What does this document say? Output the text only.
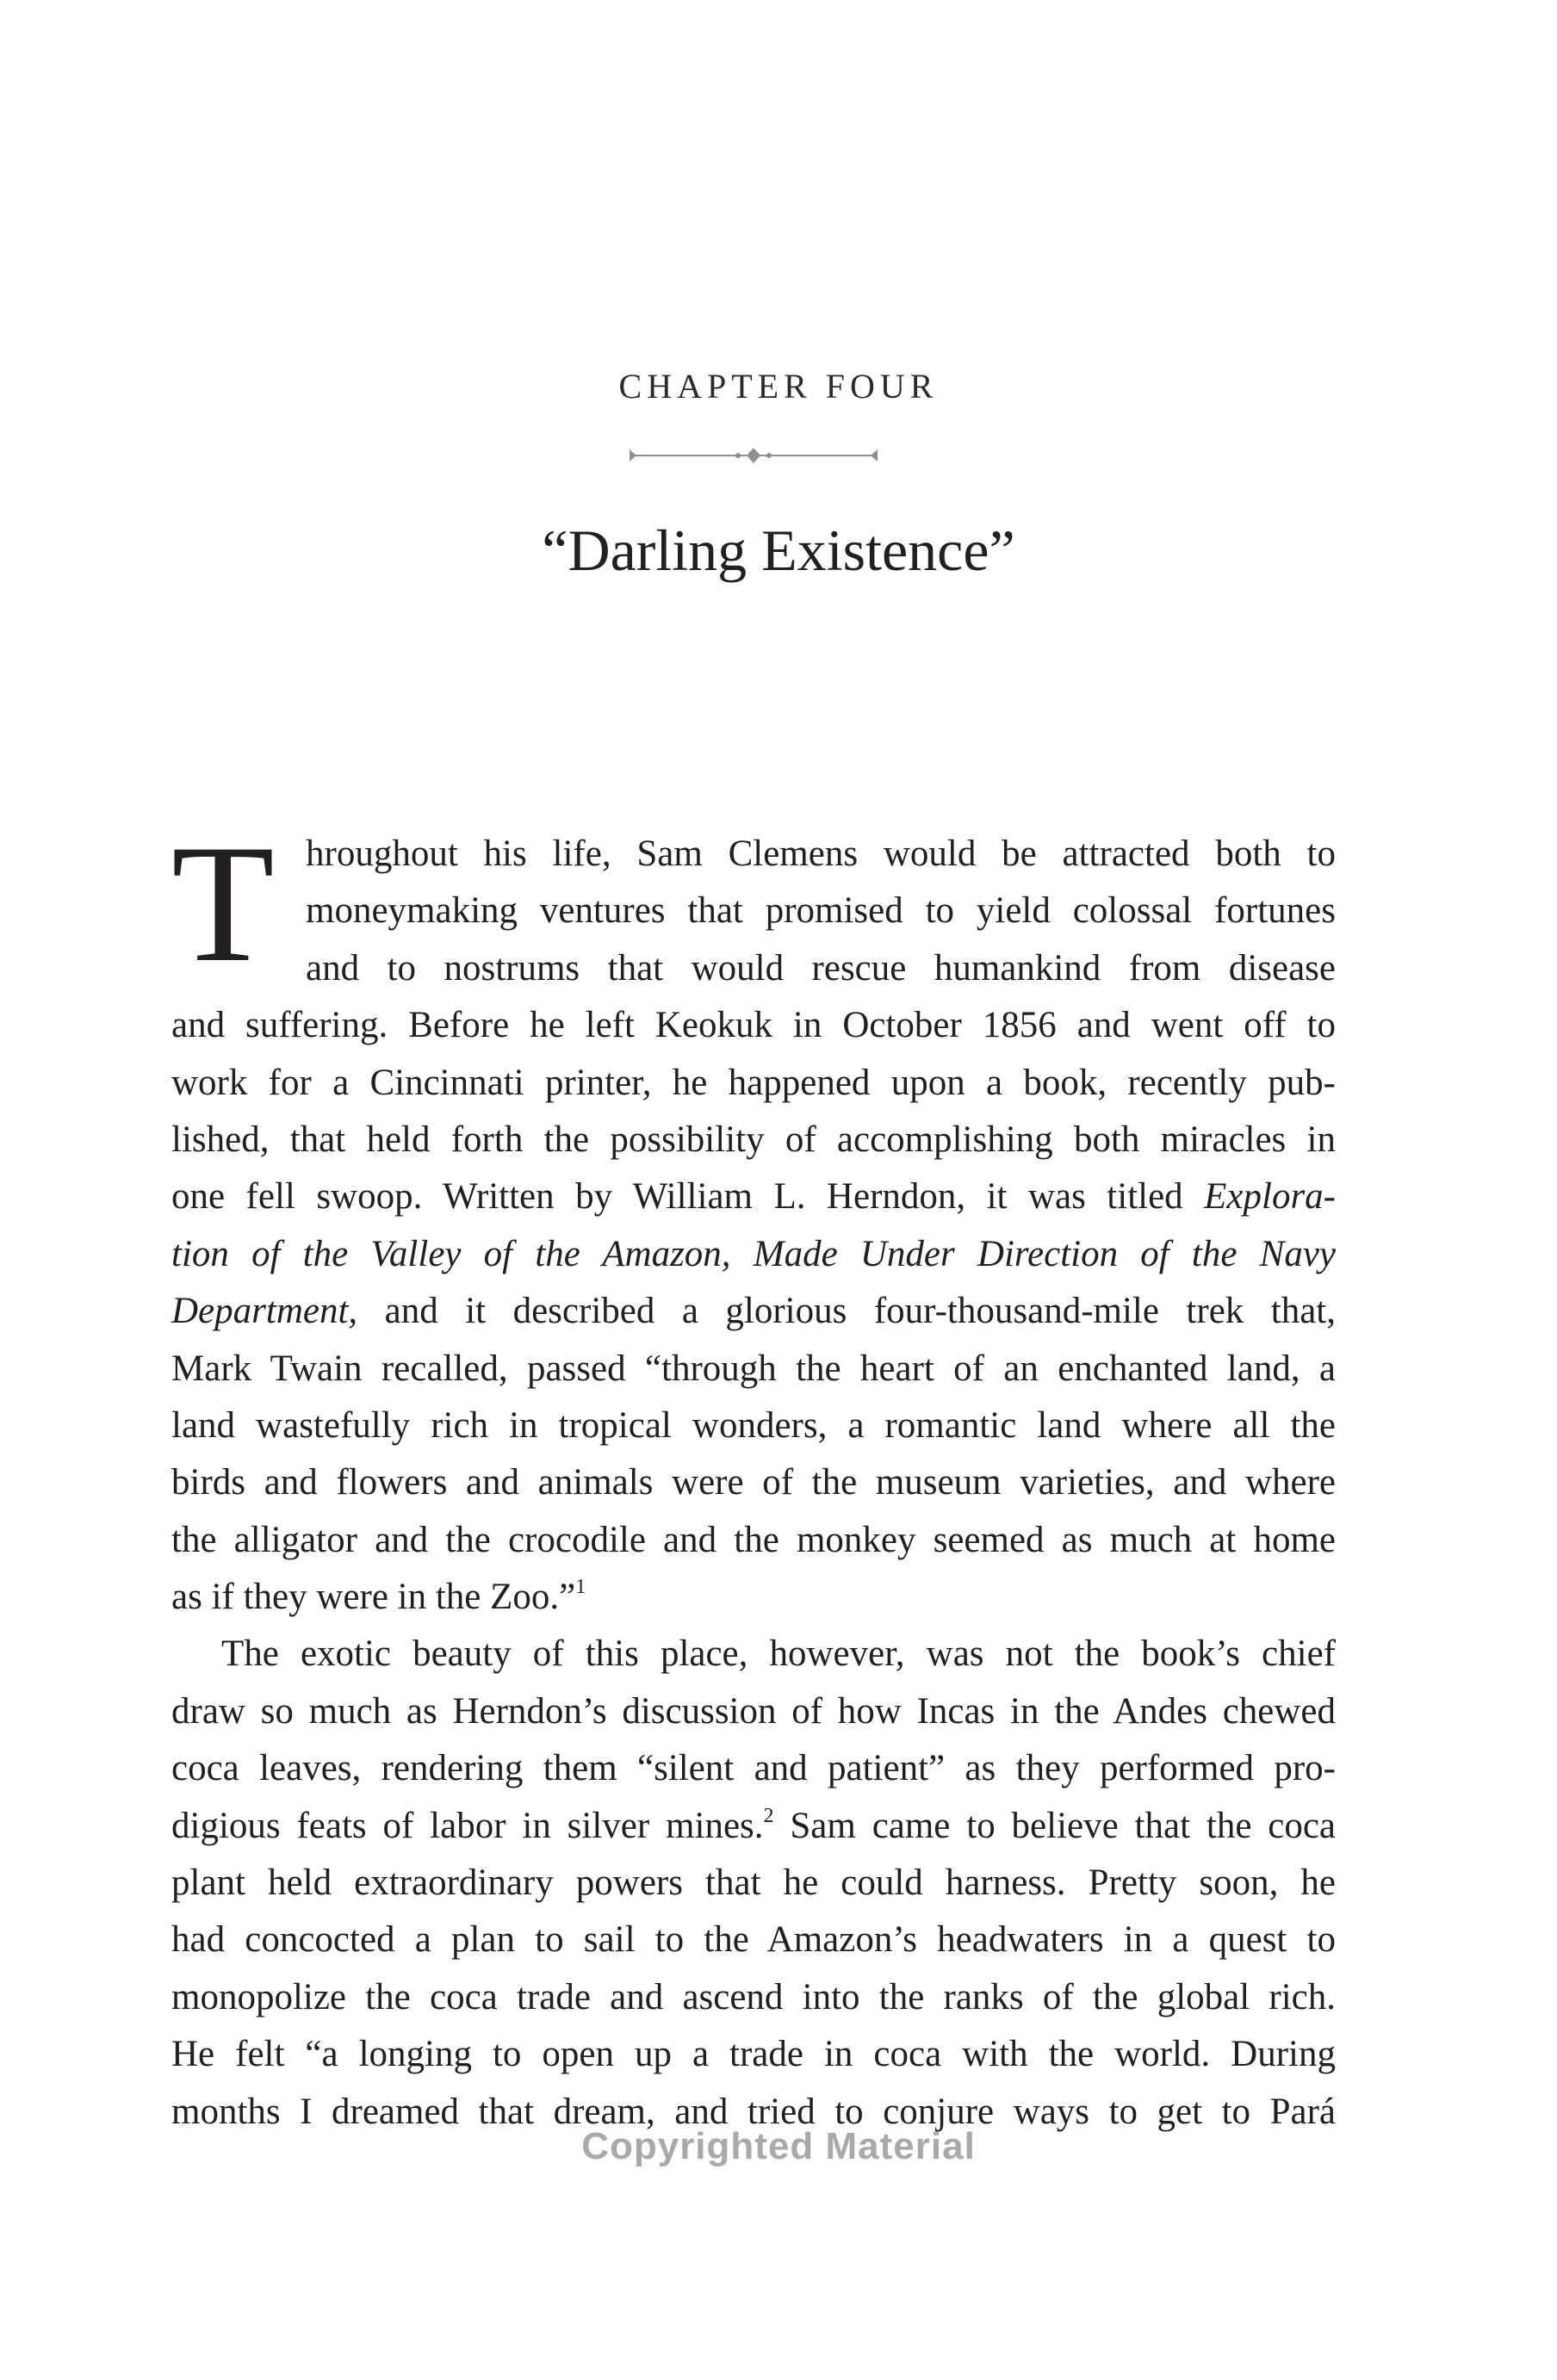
CHAPTER FOUR
“Darling Existence”
T hroughout his life, Sam Clemens would be attracted both to
moneymaking ventures that promised to yield colossal fortunes
and to nostrums that would rescue humankind from disease
and suffering. Before he left Keokuk in October 1856 and went off to
work for a Cincinnati printer, he happened upon a book, recently pub-
lished, that held forth the possibility of accomplishing both miracles in
one fell swoop. Written by William L. Herndon, it was titled Explora-
tion of the Valley of the Amazon, Made Under Direction of the Navy
Department, and it described a glorious four-thousand-mile trek that,
Mark Twain recalled, passed “through the heart of an enchanted land, a
land wastefully rich in tropical wonders, a romantic land where all the
birds and flowers and animals were of the museum varieties, and where
the alligator and the crocodile and the monkey seemed as much at home
as if they were in the Zoo.”$^1$

The exotic beauty of this place, however, was not the book’s chief
draw so much as Herndon’s discussion of how Incas in the Andes chewed
coca leaves, rendering them “silent and patient” as they performed pro-
digious feats of labor in silver mines.$^2$ Sam came to believe that the coca
plant held extraordinary powers that he could harness. Pretty soon, he
had concocted a plan to sail to the Amazon’s headwaters in a quest to
monopolize the coca trade and ascend into the ranks of the global rich.
He felt “a longing to open up a trade in coca with the world. During
months I dreamed that dream, and tried to conjure ways to get to Pará

Copyrighted Material
